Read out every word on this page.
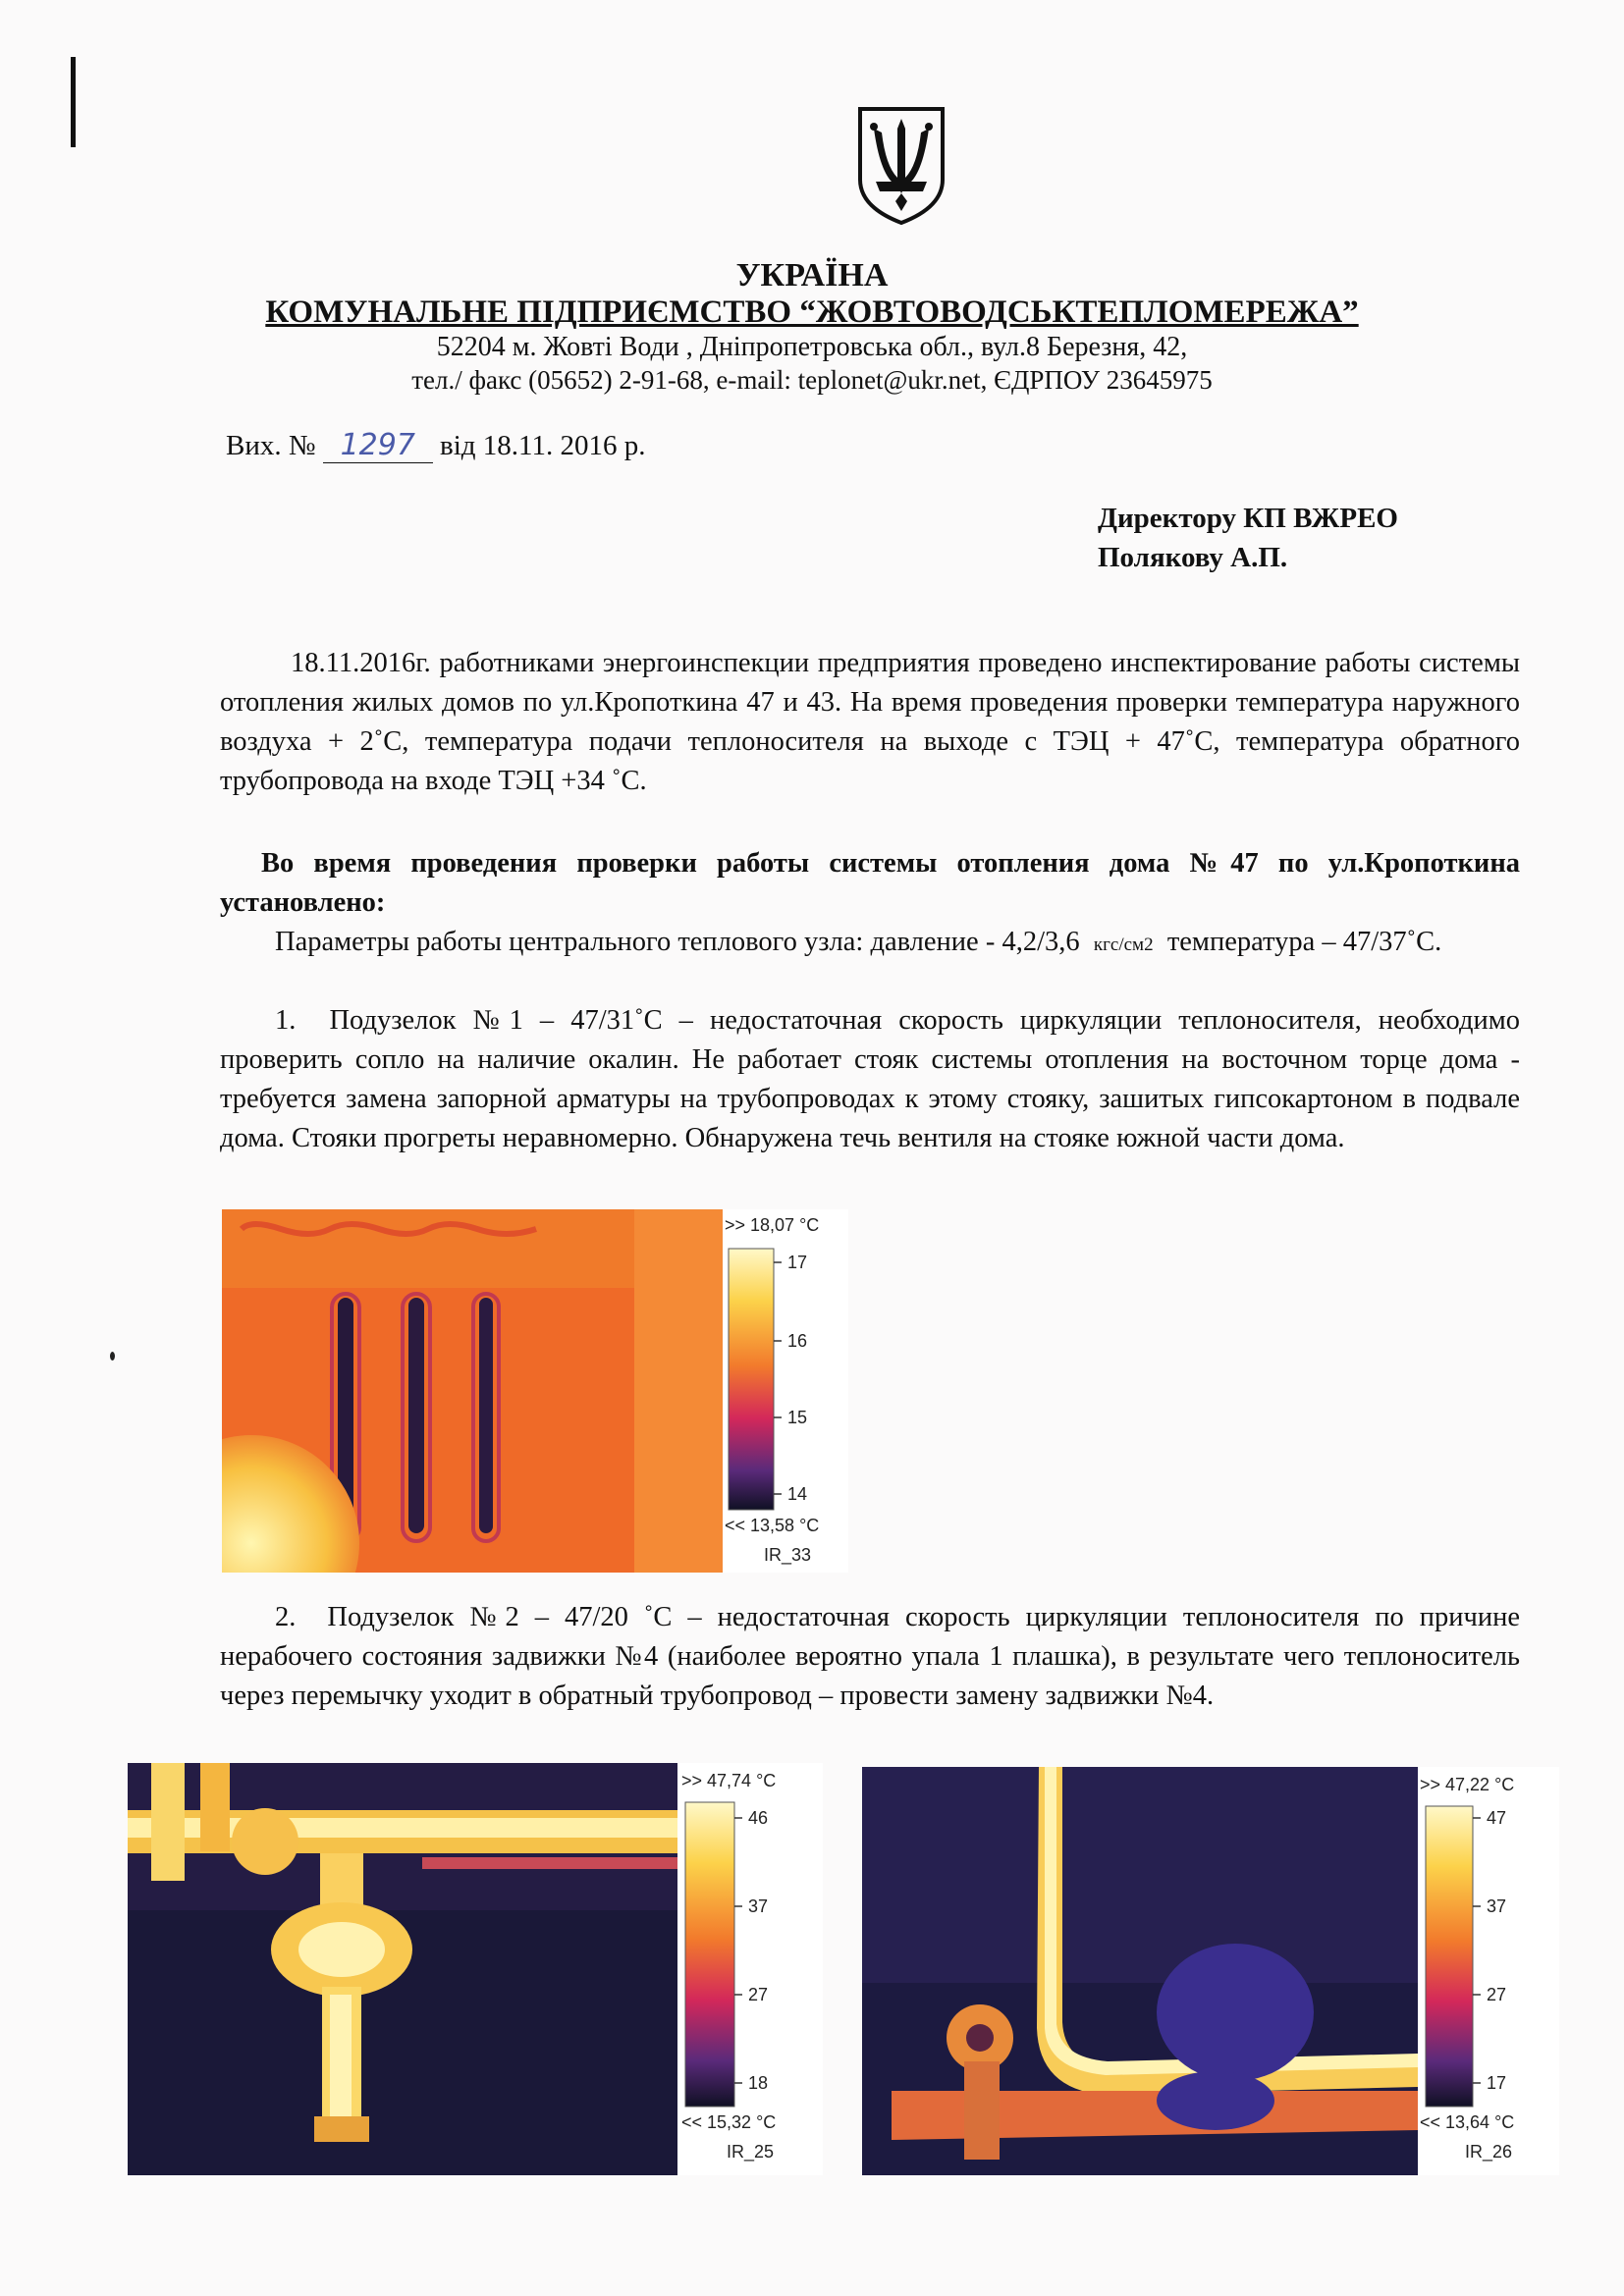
УКРАЇНА
КОМУНАЛЬНЕ ПІДПРИЄМСТВО “ЖОВТОВОДСЬКТЕПЛОМЕРЕЖА”
52204 м. Жовті Води , Дніпропетровська обл., вул.8 Березня, 42,
тел./ факс (05652) 2-91-68, e-mail: teplonet@ukr.net, ЄДРПОУ 23645975
Вих. № 1297 від 18.11. 2016 р.
Директору КП ВЖРЕО
Полякову А.П.
18.11.2016г. работниками энергоинспекции предприятия проведено инспектирование работы системы отопления жилых домов по ул.Кропоткина 47 и 43. На время проведения проверки температура наружного воздуха + 2˚С, температура подачи теплоносителя на выходе с ТЭЦ + 47˚С, температура обратного трубопровода на входе ТЭЦ +34 ˚С.
Во время проведения проверки работы системы отопления дома №47 по ул.Кропоткина установлено:
Параметры работы центрального теплового узла: давление - 4,2/3,6 кгс/см2 температура – 47/37˚С.
1. Подузелок №1 – 47/31˚С – недостаточная скорость циркуляции теплоносителя, необходимо проверить сопло на наличие окалин. Не работает стояк системы отопления на восточном торце дома - требуется замена запорной арматуры на трубопроводах к этому стояку, зашитых гипсокартоном в подвале дома. Стояки прогреты неравномерно. Обнаружена течь вентиля на стояке южной части дома.
>> 18,07 °C
17
16
15
14
<< 13,58 °C
IR_33
2. Подузелок №2 – 47/20 ˚С – недостаточная скорость циркуляции теплоносителя по причине нерабочего состояния задвижки №4 (наиболее вероятно упала 1 плашка), в результате чего теплоноситель через перемычку уходит в обратный трубопровод – провести замену задвижки №4.
>> 47,74 °C
46
37
27
18
<< 15,32 °C
IR_25
>> 47,22 °C
47
37
27
17
<< 13,64 °C
IR_26
